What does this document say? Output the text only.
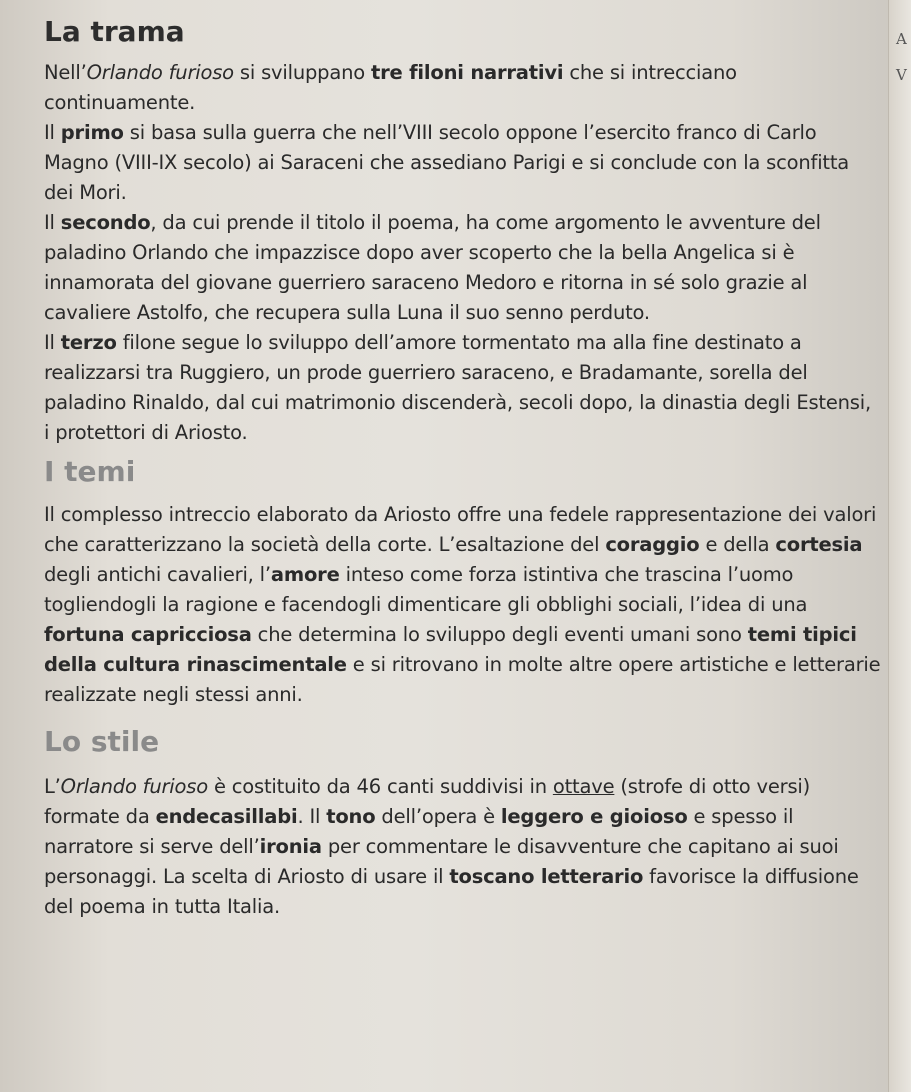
A
V
La trama

Nell’Orlando furioso si sviluppano tre filoni narrativi che si intrecciano continuamente.

Il primo si basa sulla guerra che nell’VIII secolo oppone l’esercito franco di Carlo Magno (VIII-IX secolo) ai Saraceni che assediano Parigi e si conclude con la sconfitta dei Mori.

Il secondo, da cui prende il titolo il poema, ha come argomento le avventure del paladino Orlando che impazzisce dopo aver scoperto che la bella Angelica si è innamorata del giovane guerriero saraceno Medoro e ritorna in sé solo grazie al cavaliere Astolfo, che recupera sulla Luna il suo senno perduto.

Il terzo filone segue lo sviluppo dell’amore tormentato ma alla fine destinato a realizzarsi tra Ruggiero, un prode guerriero saraceno, e Bradamante, sorella del paladino Rinaldo, dal cui matrimonio discenderà, secoli dopo, la dinastia degli Estensi, i protettori di Ariosto.

I temi

Il complesso intreccio elaborato da Ariosto offre una fedele rappresentazione dei valori che caratterizzano la società della corte. L’esaltazione del coraggio e della cortesia degli antichi cavalieri, l’amore inteso come forza istintiva che trascina l’uomo togliendogli la ragione e facendogli dimenticare gli obblighi sociali, l’idea di una fortuna capricciosa che determina lo sviluppo degli eventi umani sono temi tipici della cultura rinascimentale e si ritrovano in molte altre opere artistiche e letterarie realizzate negli stessi anni.

Lo stile

L’Orlando furioso è costituito da 46 canti suddivisi in ottave (strofe di otto versi) formate da endecasillabi. Il tono dell’opera è leggero e gioioso e spesso il narratore si serve dell’ironia per commentare le disavventure che capitano ai suoi personaggi. La scelta di Ariosto di usare il toscano letterario favorisce la diffusione del poema in tutta Italia.
